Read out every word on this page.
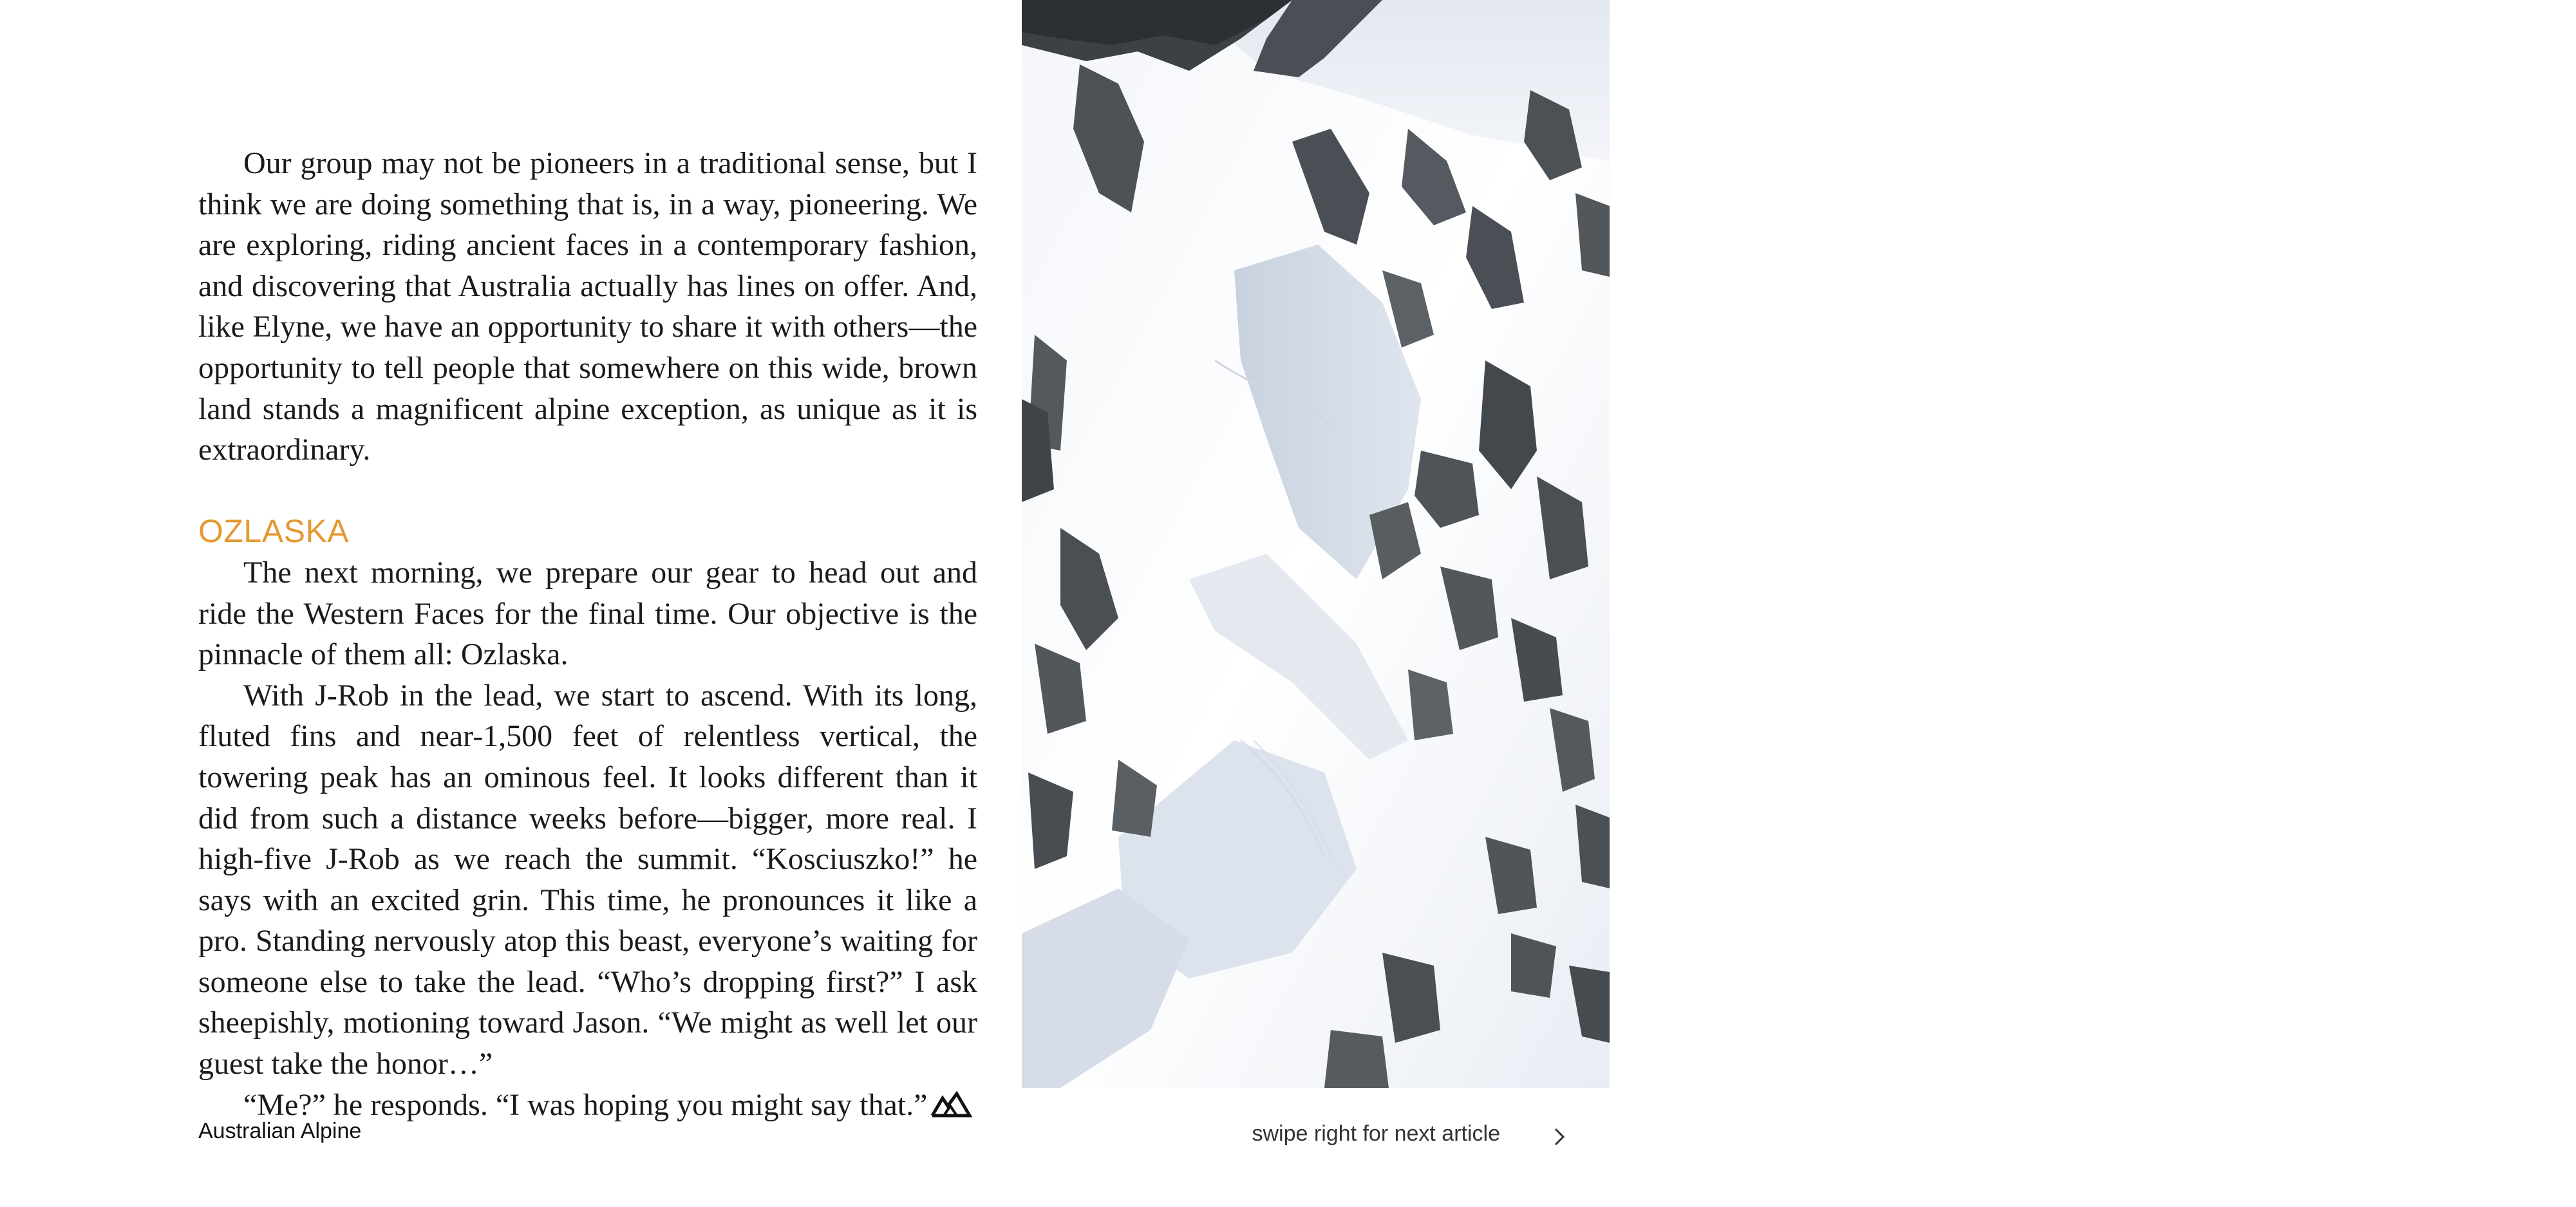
Our group may not be pioneers in a traditional sense, but I think we are doing something that is, in a way, pioneering. We are exploring, riding ancient faces in a contemporary fashion, and discovering that Australia actually has lines on offer. And, like Elyne, we have an opportunity to share it with others—the opportunity to tell people that somewhere on this wide, brown land stands a magnificent alpine exception, as unique as it is extraordinary.

OZLASKA

The next morning, we prepare our gear to head out and ride the Western Faces for the final time. Our objective is the pinnacle of them all: Ozlaska.

With J-Rob in the lead, we start to ascend. With its long, fluted fins and near-1,500 feet of relentless vertical, the towering peak has an ominous feel. It looks different than it did from such a distance weeks before—bigger, more real. I high-five J-Rob as we reach the summit. “Kosciuszko!” he says with an excited grin. This time, he pronounces it like a pro. Standing nervously atop this beast, everyone’s waiting for someone else to take the lead. “Who’s dropping first?” I ask sheepishly, motioning toward Jason. “We might as well let our guest take the honor…”

“Me?” he responds. “I was hoping you might say that.”

i
Australian Alpine	swipe right for next article
